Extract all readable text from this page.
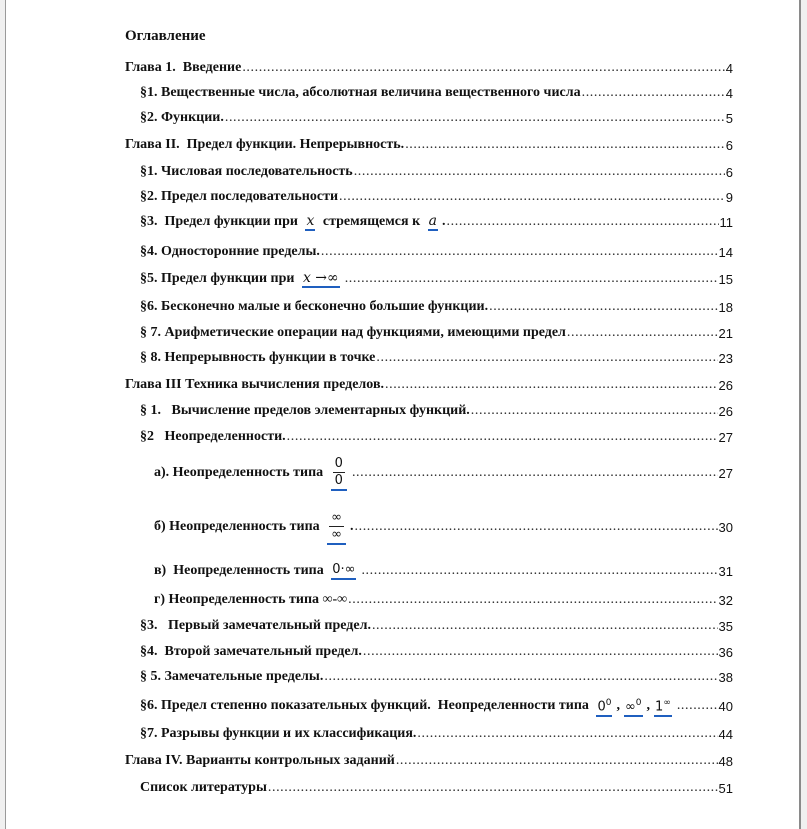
Оглавление
Глава 1.  Введение .....	4
§1. Вещественные числа, абсолютная величина вещественного числа .....	4
§2. Функции. .....	5
Глава II.  Предел функции. Непрерывность. .....	6
§1. Числовая последовательность .....	6
§2. Предел последовательности .....	9
§3.  Предел функции при x стремящемся к a . .....	11
§4. Односторонние пределы. .....	14
§5. Предел функции при x →∞ .....	15
§6. Бесконечно малые и бесконечно большие функции. .....	18
§ 7. Арифметические операции над функциями, имеющими предел .....	21
§ 8. Непрерывность функции в точке .....	23
Глава III Техника вычисления пределов. .....	26
§ 1.   Вычисление пределов элементарных функций. .....	26
§2   Неопределенности. .....	27
а). Неопределенность типа $\frac{0}{0}$ .....	27
б) Неопределенность типа $\frac{\infty}{\infty}$ . .....	30
в)  Неопределенность типа 0·∞ .....	31
г) Неопределенность типа ∞-∞ .....	32
§3.   Первый замечательный предел. .....	35
§4.  Второй замечательный предел. .....	36
§ 5. Замечательные пределы. .....	38
§6. Предел степенно показательных функций.  Неопределенности типа $0^0$ , ∞$^0$ , 1∞ .....	40
§7. Разрывы функции и их классификация. .....	44
Глава IV. Варианты контрольных заданий .....	48
Список литературы .....	51
